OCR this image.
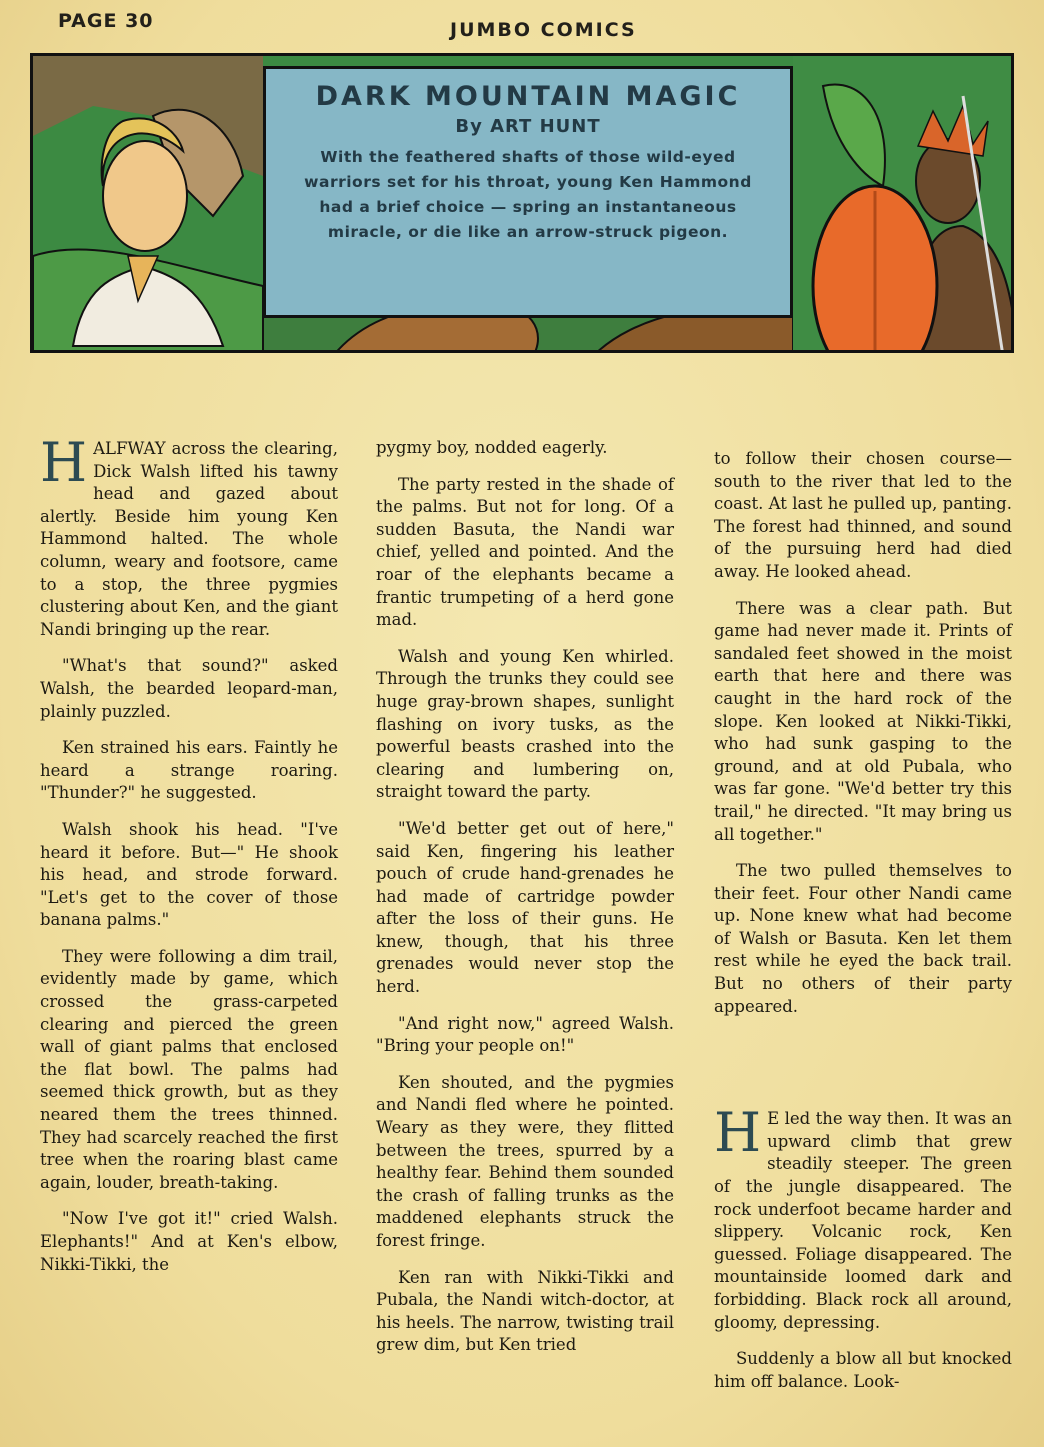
PAGE 30	JUMBO COMICS
DARK MOUNTAIN MAGIC
By ART HUNT
With the feathered shafts of those wild-eyed warriors set for his throat, young Ken Hammond had a brief choice — spring an instantaneous miracle, or die like an arrow-struck pigeon.

HALFWAY across the clearing, Dick Walsh lifted his tawny head and gazed about alertly. Beside him young Ken Hammond halted. The whole column, weary and footsore, came to a stop, the three pygmies clustering about Ken, and the giant Nandi bringing up the rear.

"What's that sound?" asked Walsh, the bearded leopard-man, plainly puzzled.

Ken strained his ears. Faintly he heard a strange roaring. "Thunder?" he suggested.

Walsh shook his head. "I've heard it before. But—" He shook his head, and strode forward. "Let's get to the cover of those banana palms."

They were following a dim trail, evidently made by game, which crossed the grass-carpeted clearing and pierced the green wall of giant palms that enclosed the flat bowl. The palms had seemed thick growth, but as they neared them the trees thinned. They had scarcely reached the first tree when the roaring blast came again, louder, breath-taking.

"Now I've got it!" cried Walsh. Elephants!" And at Ken's elbow, Nikki-Tikki, the

pygmy boy, nodded eagerly.

The party rested in the shade of the palms. But not for long. Of a sudden Basuta, the Nandi war chief, yelled and pointed. And the roar of the elephants became a frantic trumpeting of a herd gone mad.

Walsh and young Ken whirled. Through the trunks they could see huge gray-brown shapes, sunlight flashing on ivory tusks, as the powerful beasts crashed into the clearing and lumbering on, straight toward the party.

"We'd better get out of here," said Ken, fingering his leather pouch of crude hand-grenades he had made of cartridge powder after the loss of their guns. He knew, though, that his three grenades would never stop the herd.

"And right now," agreed Walsh. "Bring your people on!"

Ken shouted, and the pygmies and Nandi fled where he pointed. Weary as they were, they flitted between the trees, spurred by a healthy fear. Behind them sounded the crash of falling trunks as the maddened elephants struck the forest fringe.

Ken ran with Nikki-Tikki and Pubala, the Nandi witch-doctor, at his heels. The narrow, twisting trail grew dim, but Ken tried

to follow their chosen course—south to the river that led to the coast. At last he pulled up, panting. The forest had thinned, and sound of the pursuing herd had died away. He looked ahead.

There was a clear path. But game had never made it. Prints of sandaled feet showed in the moist earth that here and there was caught in the hard rock of the slope. Ken looked at Nikki-Tikki, who had sunk gasping to the ground, and at old Pubala, who was far gone. "We'd better try this trail," he directed. "It may bring us all together."

The two pulled themselves to their feet. Four other Nandi came up. None knew what had become of Walsh or Basuta. Ken let them rest while he eyed the back trail. But no others of their party appeared.

H E led the way then. It was an upward climb that grew steadily steeper. The green of the jungle disappeared. The rock underfoot became harder and slippery. Volcanic rock, Ken guessed. Foliage disappeared. The mountainside loomed dark and forbidding. Black rock all around, gloomy, depressing.

Suddenly a blow all but knocked him off balance. Look-
